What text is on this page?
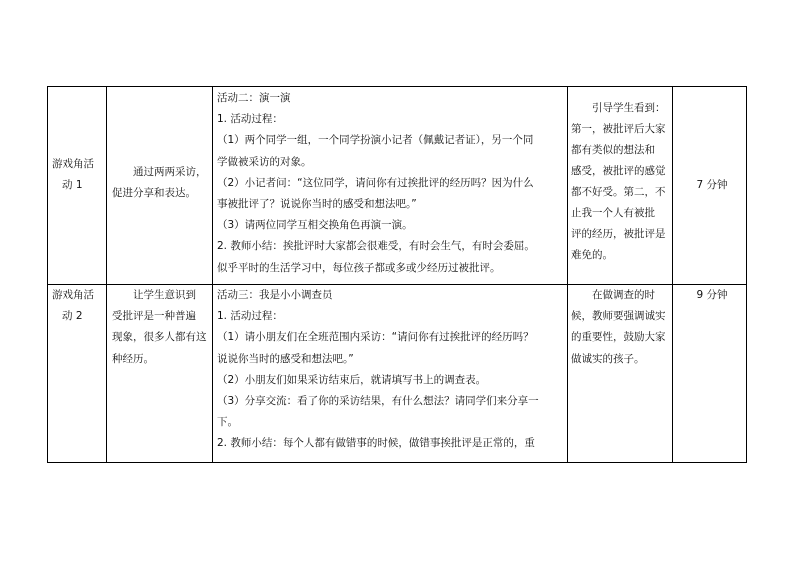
游戏角活
动 1
通过两两采访，
促进分享和表达。
活动二：演一演
1. 活动过程：
（1）两个同学一组，一个同学扮演小记者（佩戴记者证），另一个同
学做被采访的对象。
（2）小记者问：“这位同学，请问你有过挨批评的经历吗？因为什么
事被批评了？说说你当时的感受和想法吧。”
（3）请两位同学互相交换角色再演一演。
2. 教师小结：挨批评时大家都会很难受，有时会生气，有时会委屈。
似乎平时的生活学习中，每位孩子都或多或少经历过被批评。
引导学生看到：
第一，被批评后大家
都有类似的想法和
感受，被批评的感觉
都不好受。第二，不
止我一个人有被批
评的经历，被批评是
难免的。
7 分钟
游戏角活
动 2
让学生意识到
受批评是一种普遍
现象，很多人都有这
种经历。
活动三：我是小小调查员
1. 活动过程：
（1）请小朋友们在全班范围内采访：“请问你有过挨批评的经历吗？
说说你当时的感受和想法吧。”
（2）小朋友们如果采访结束后，就请填写书上的调查表。
（3）分享交流：看了你的采访结果，有什么想法？请同学们来分享一
下。
2. 教师小结：每个人都有做错事的时候，做错事挨批评是正常的，重
在做调查的时
候，教师要强调诚实
的重要性，鼓励大家
做诚实的孩子。
9 分钟
